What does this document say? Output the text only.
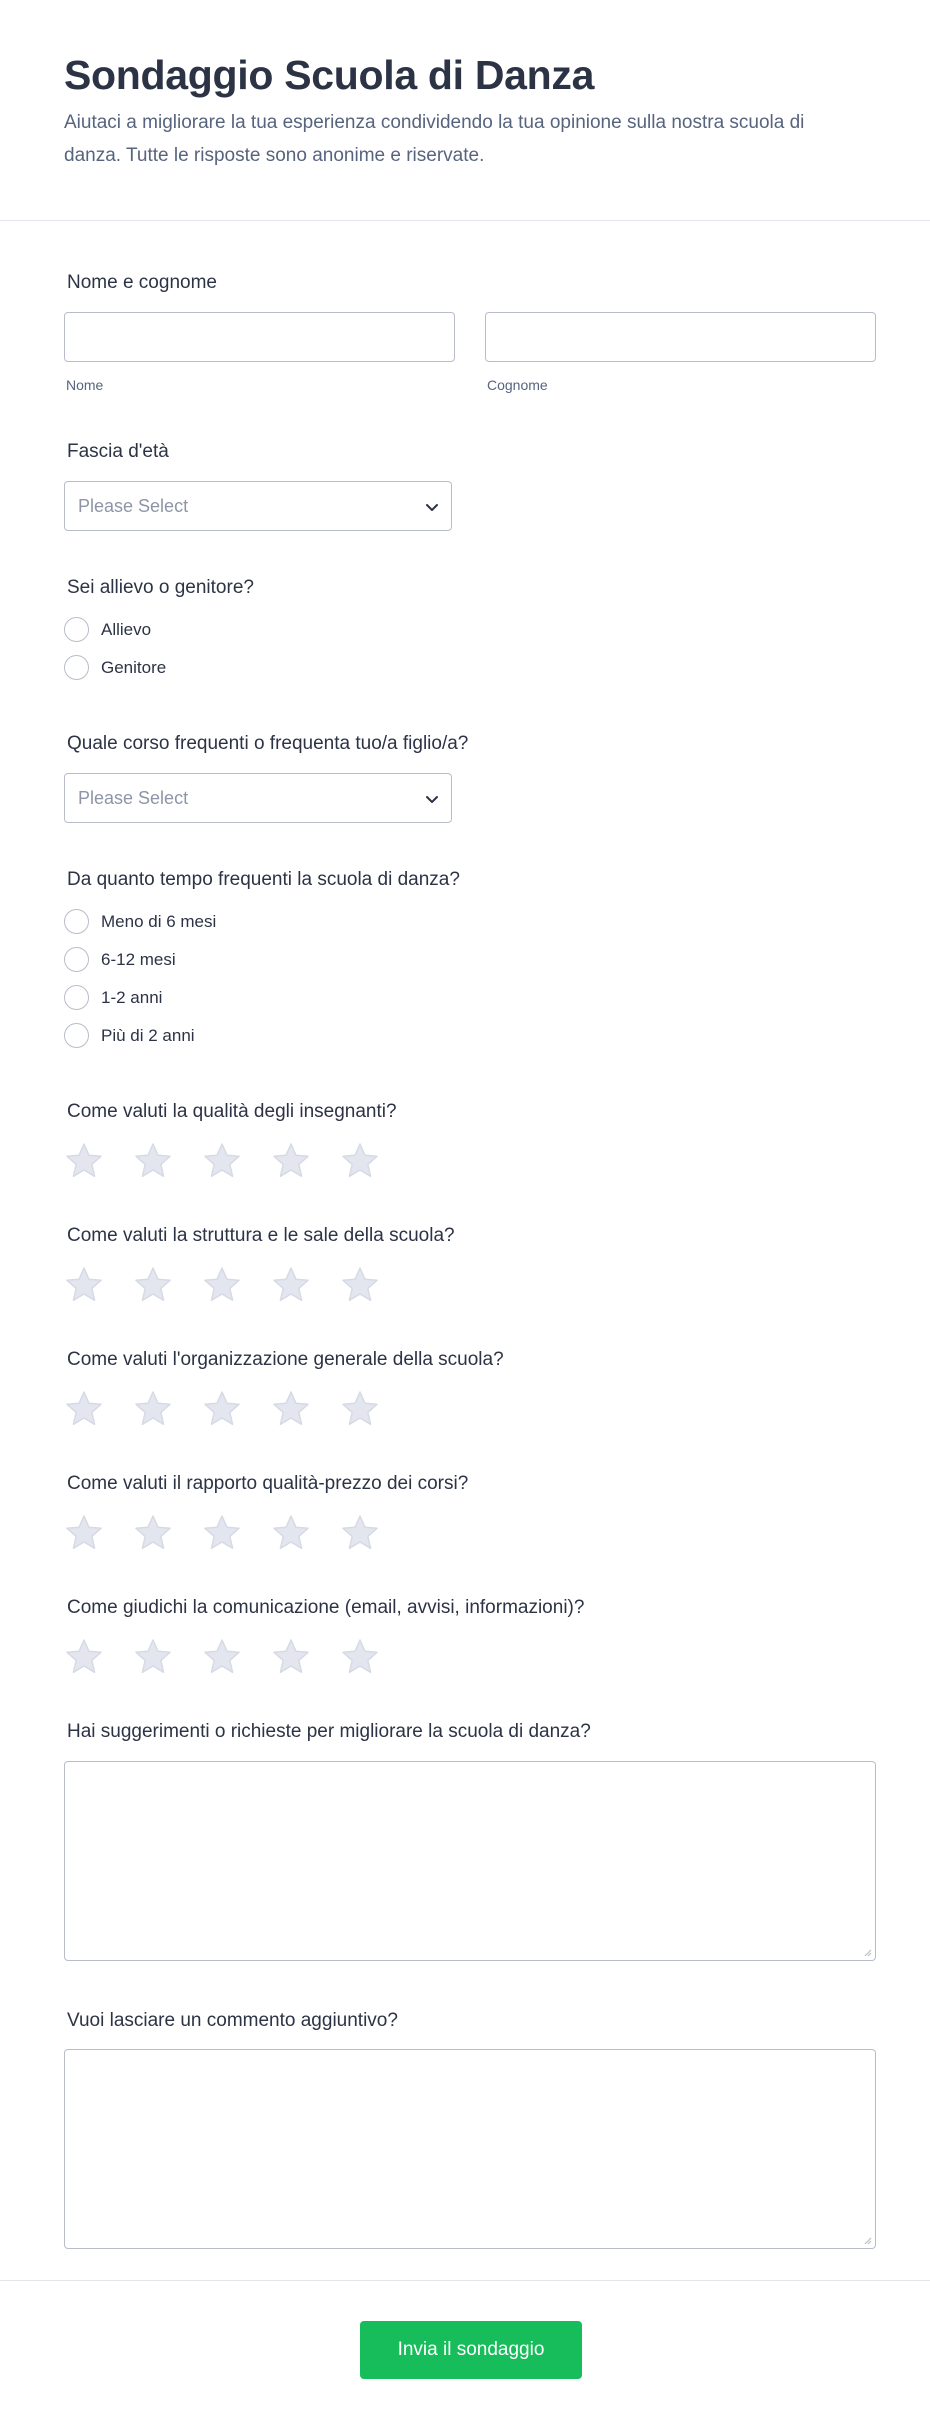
Sondaggio Scuola di Danza

Aiutaci a migliorare la tua esperienza condividendo la tua opinione sulla nostra scuola di danza. Tutte le risposte sono anonime e riservate.

Nome e cognome
Nome	Cognome
Fascia d'età
Please Select
Sei allievo o genitore?
Allievo
Genitore
Quale corso frequenti o frequenta tuo/a figlio/a?
Please Select
Da quanto tempo frequenti la scuola di danza?
Meno di 6 mesi
6-12 mesi
1-2 anni
Più di 2 anni
Come valuti la qualità degli insegnanti?
Come valuti la struttura e le sale della scuola?
Come valuti l'organizzazione generale della scuola?
Come valuti il rapporto qualità-prezzo dei corsi?
Come giudichi la comunicazione (email, avvisi, informazioni)?
Hai suggerimenti o richieste per migliorare la scuola di danza?
Vuoi lasciare un commento aggiuntivo?
Invia il sondaggio
